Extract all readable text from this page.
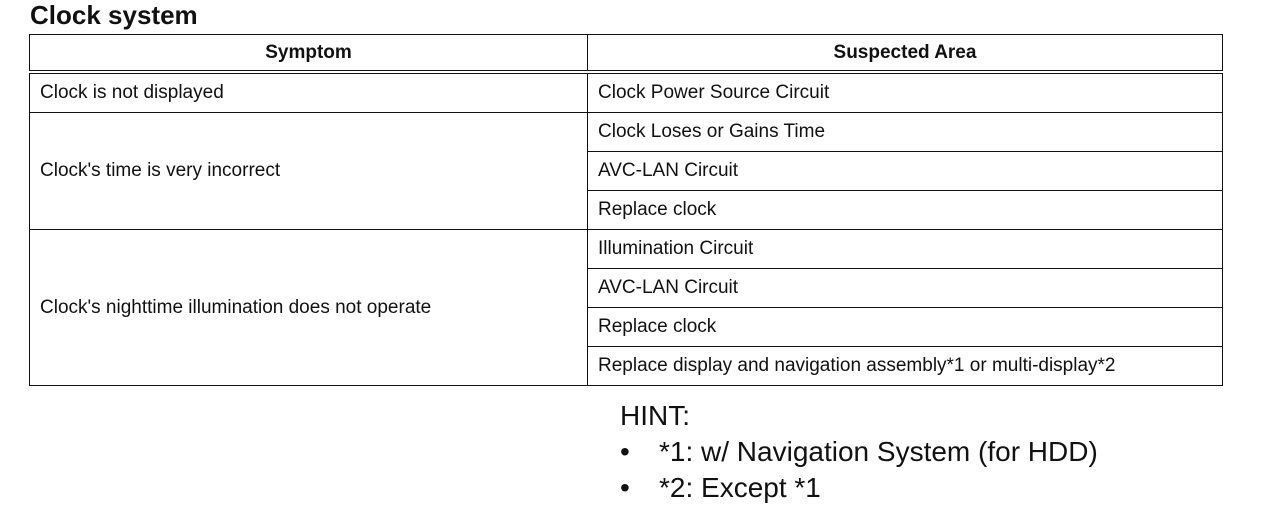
Clock system
Symptom	Suspected Area
Clock is not displayed	Clock Power Source Circuit
Clock's time is very incorrect	Clock Loses or Gains Time
	AVC-LAN Circuit
	Replace clock
Clock's nighttime illumination does not operate	Illumination Circuit
	AVC-LAN Circuit
	Replace clock
	Replace display and navigation assembly*1 or multi-display*2
HINT:
• *1: w/ Navigation System (for HDD)
• *2: Except *1
